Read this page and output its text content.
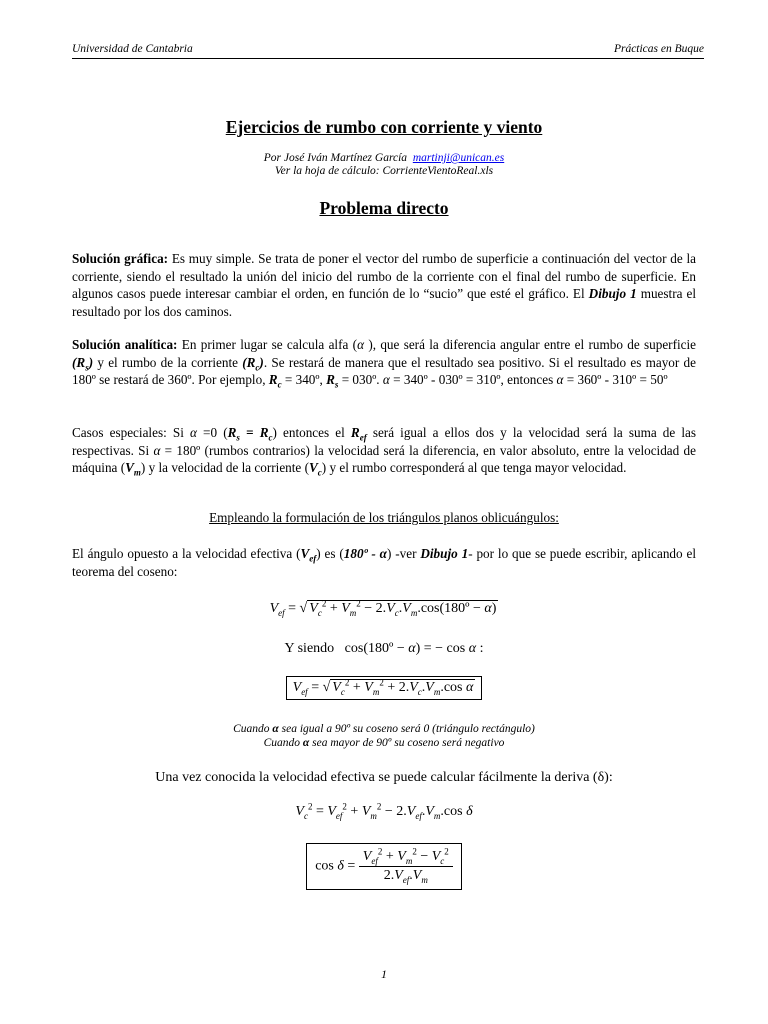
Universidad de Cantabria	Prácticas en Buque
Ejercicios de rumbo con corriente y viento
Por José Iván Martínez García martinji@unican.es
Ver la hoja de cálculo: CorrienteVientoReal.xls
Problema directo
Solución gráfica: Es muy simple. Se trata de poner el vector del rumbo de superficie a continuación del vector de la corriente, siendo el resultado la unión del inicio del rumbo de la corriente con el final del rumbo de superficie. En algunos casos puede interesar cambiar el orden, en función de lo “sucio” que esté el gráfico. El Dibujo 1 muestra el resultado por los dos caminos.
Solución analítica: En primer lugar se calcula alfa (α ), que será la diferencia angular entre el rumbo de superficie $(R_s)$ y el rumbo de la corriente $(R_c)$. Se restará de manera que el resultado sea positivo. Si el resultado es mayor de 180º se restará de 360º. Por ejemplo, $R_c$ = 340º, $R_s$ = 030º. α = 340º - 030º = 310º, entonces α = 360º - 310º = 50º
Casos especiales: Si α =0 $(R_s = R_c)$ entonces el $R_{ef}$ será igual a ellos dos y la velocidad será la suma de las respectivas. Si α = 180º (rumbos contrarios) la velocidad será la diferencia, en valor absoluto, entre la velocidad de máquina $(V_m)$ y la velocidad de la corriente $(V_c)$ y el rumbo corresponderá al que tenga mayor velocidad.
Empleando la formulación de los triángulos planos oblicuángulos:
El ángulo opuesto a la velocidad efectiva $(V_{ef})$ es (180º - α) -ver Dibujo 1- por lo que se puede escribir, aplicando el teorema del coseno:
$V_{ef}$ = √ $V_c^2 + V_m^2$ − $2.V_c.V_m.\cos(180º - \alpha)$
Y siendo   cos(180º − α) = − cos α :
$V_{ef}$ = √ $V_c^2 + V_m^2 + 2.V_c.V_m.\cos$ α
Cuando α sea igual a 90º su coseno será 0 (triángulo rectángulo)
Cuando α sea mayor de 90º su coseno será negativo
Una vez conocida la velocidad efectiva se puede calcular fácilmente la deriva (δ):
$V_c^2 = V_{ef}^2 + V_m^2 - 2.V_{ef}.V_m.\cos$ δ
$\cos \delta = \frac{V_{ef}^2 + V_m^2 - V_c^2}{2.V_{ef}.V_m}$
1
